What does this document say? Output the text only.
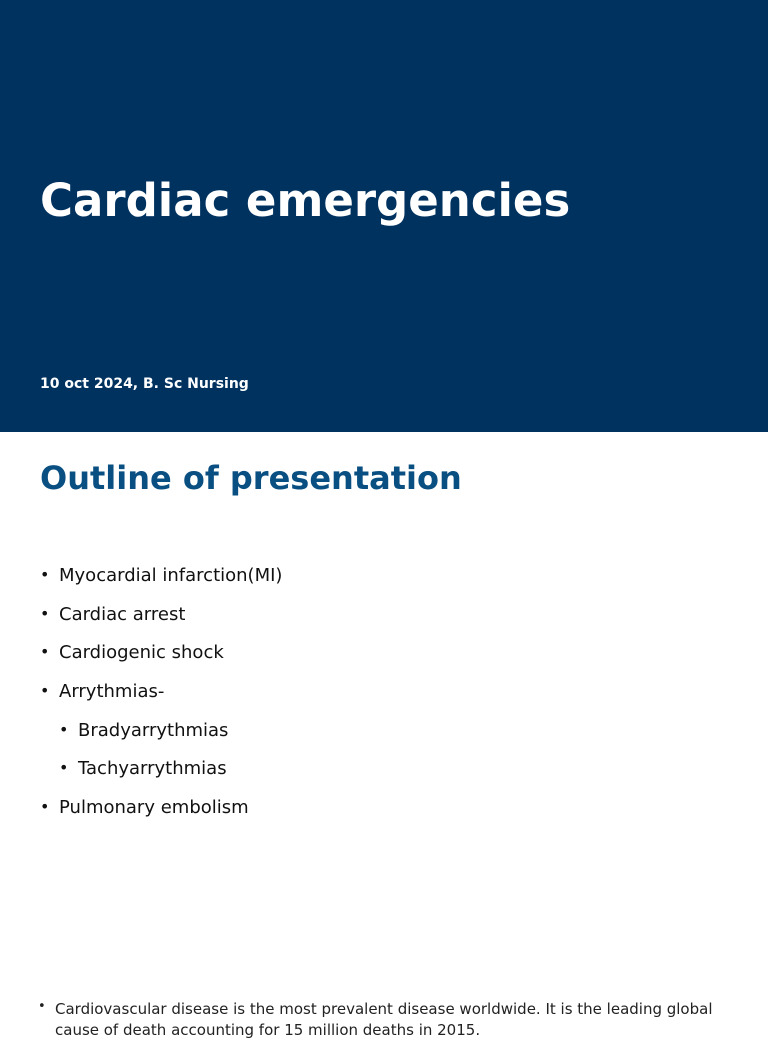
Cardiac emergencies

10 oct 2024, B. Sc Nursing

Outline of presentation
• Myocardial infarction(MI)
• Cardiac arrest
• Cardiogenic shock
• Arrythmias-
• Bradyarrythmias
• Tachyarrythmias
• Pulmonary embolism
• Cardiovascular disease is the most prevalent disease worldwide. It is the leading global cause of death accounting for 15 million deaths in 2015.
